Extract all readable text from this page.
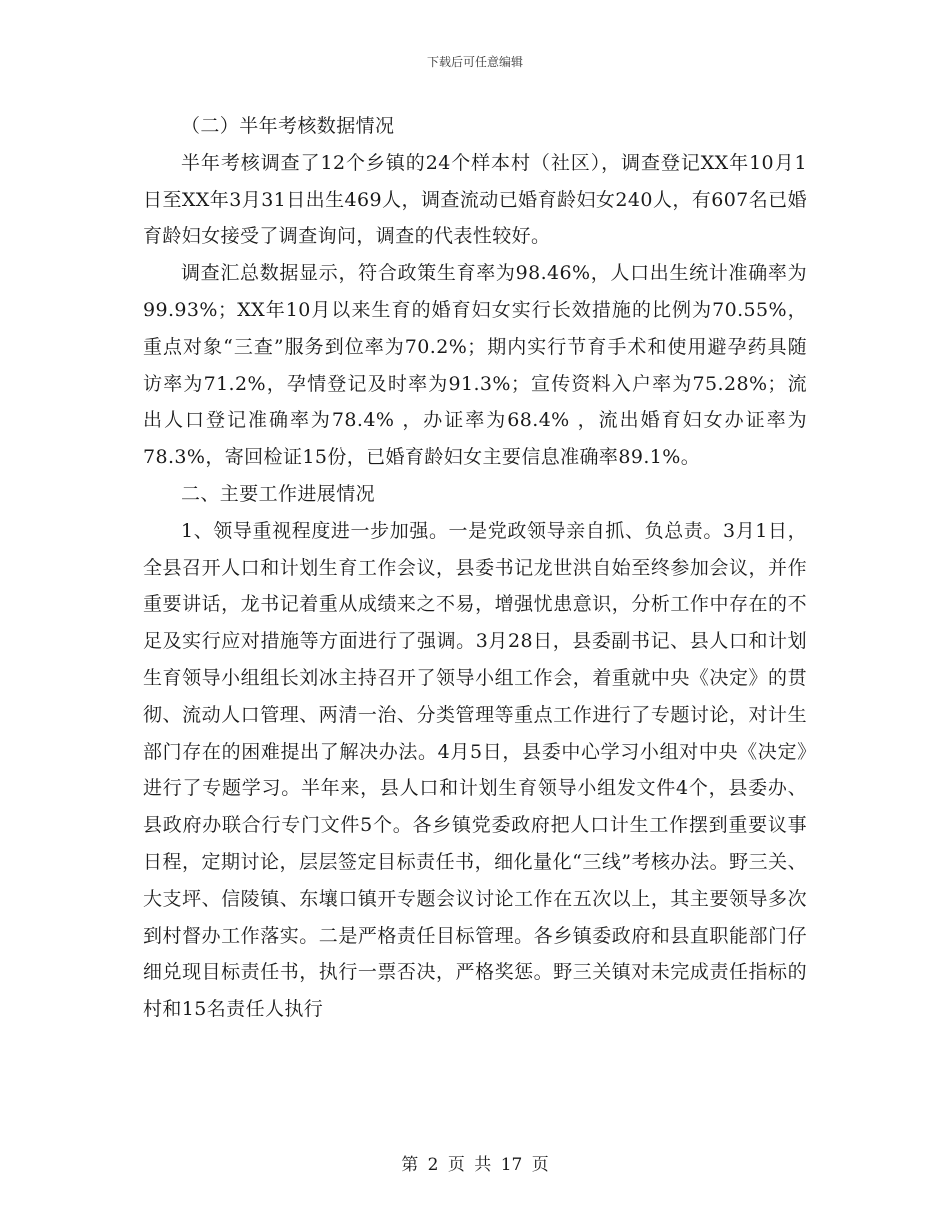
下载后可任意编辑

（二）半年考核数据情况

半年考核调查了12个乡镇的24个样本村（社区），调查登记XX年10月1日至XX年3月31日出生469人，调查流动已婚育龄妇女240人，有607名已婚育龄妇女接受了调查询问，调查的代表性较好。

调查汇总数据显示，符合政策生育率为98.46%，人口出生统计准确率为99.93%；XX年10月以来生育的婚育妇女实行长效措施的比例为70.55%，重点对象“三查”服务到位率为70.2%；期内实行节育手术和使用避孕药具随访率为71.2%，孕情登记及时率为91.3%；宣传资料入户率为75.28%；流出人口登记准确率为78.4% ，办证率为68.4% ，流出婚育妇女办证率为78.3%，寄回检证15份，已婚育龄妇女主要信息准确率89.1%。

二、主要工作进展情况

1、领导重视程度进一步加强。一是党政领导亲自抓、负总责。3月1日，全县召开人口和计划生育工作会议，县委书记龙世洪自始至终参加会议，并作重要讲话，龙书记着重从成绩来之不易，增强忧患意识，分析工作中存在的不足及实行应对措施等方面进行了强调。3月28日，县委副书记、县人口和计划生育领导小组组长刘冰主持召开了领导小组工作会，着重就中央《决定》的贯彻、流动人口管理、两清一治、分类管理等重点工作进行了专题讨论，对计生部门存在的困难提出了解决办法。4月5日，县委中心学习小组对中央《决定》进行了专题学习。半年来，县人口和计划生育领导小组发文件4个，县委办、县政府办联合行专门文件5个。各乡镇党委政府把人口计生工作摆到重要议事日程，定期讨论，层层签定目标责任书，细化量化“三线”考核办法。野三关、大支坪、信陵镇、东壤口镇开专题会议讨论工作在五次以上，其主要领导多次到村督办工作落实。二是严格责任目标管理。各乡镇委政府和县直职能部门仔细兑现目标责任书，执行一票否决，严格奖惩。野三关镇对未完成责任指标的村和15名责任人执行

第 2 页 共 17 页
